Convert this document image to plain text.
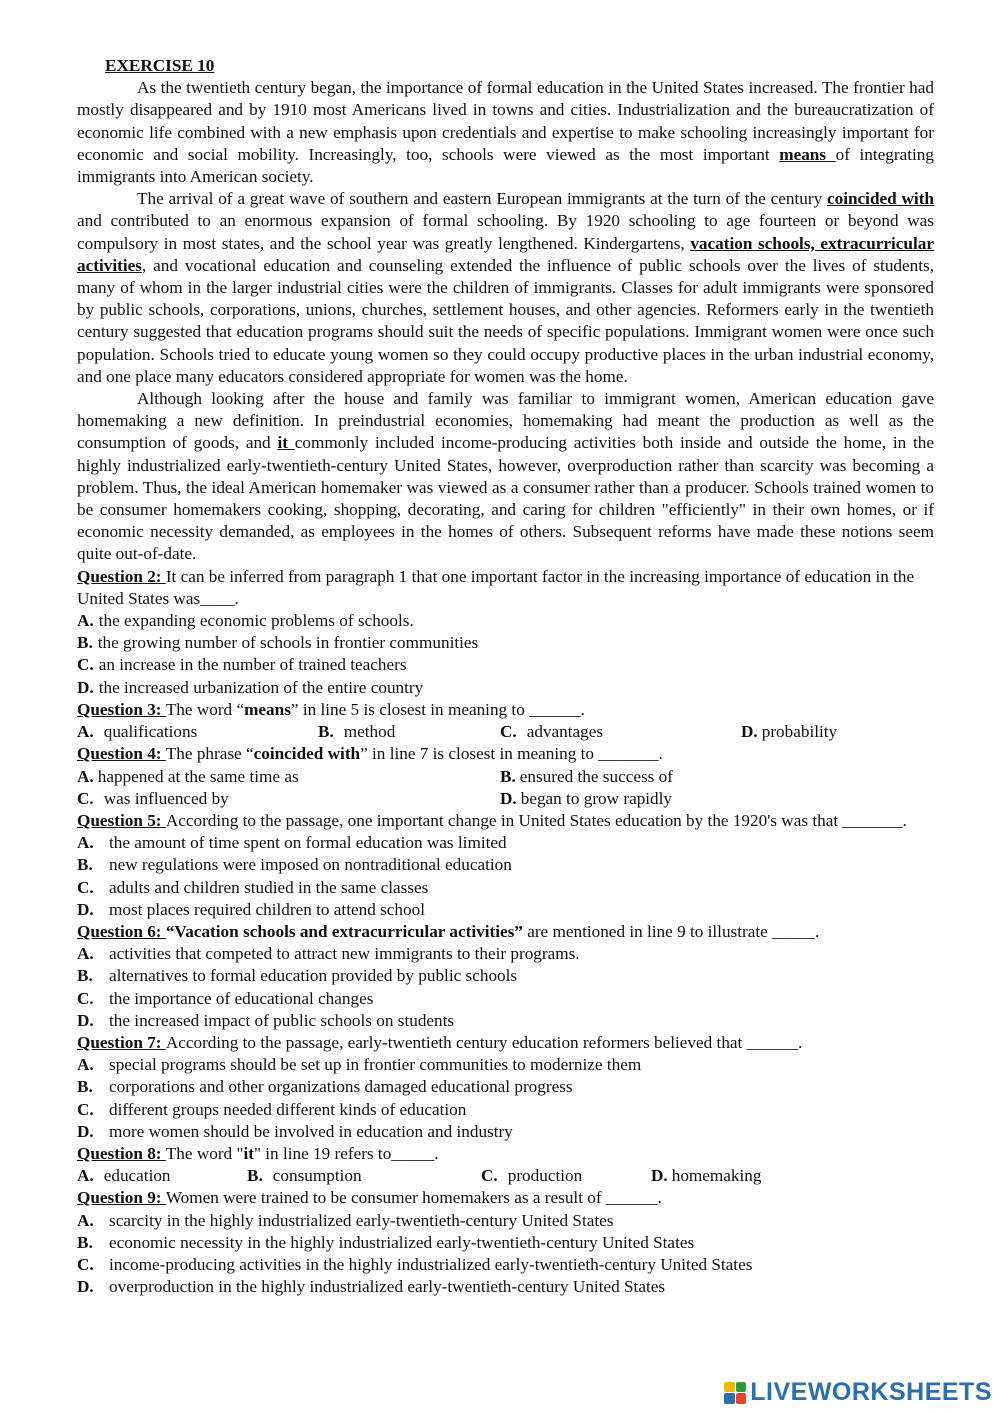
EXERCISE 10

As the twentieth century began, the importance of formal education in the United States increased. The frontier had mostly disappeared and by 1910 most Americans lived in towns and cities. Industrialization and the bureaucratization of economic life combined with a new emphasis upon credentials and expertise to make schooling increasingly important for economic and social mobility. Increasingly, too, schools were viewed as the most important means of integrating immigrants into American society.

The arrival of a great wave of southern and eastern European immigrants at the turn of the century coincided with and contributed to an enormous expansion of formal schooling. By 1920 schooling to age fourteen or beyond was compulsory in most states, and the school year was greatly lengthened. Kindergartens, vacation schools, extracurricular activities, and vocational education and counseling extended the influence of public schools over the lives of students, many of whom in the larger industrial cities were the children of immigrants. Classes for adult immigrants were sponsored by public schools, corporations, unions, churches, settlement houses, and other agencies. Reformers early in the twentieth century suggested that education programs should suit the needs of specific populations. Immigrant women were once such population. Schools tried to educate young women so they could occupy productive places in the urban industrial economy, and one place many educators considered appropriate for women was the home.

Although looking after the house and family was familiar to immigrant women, American education gave homemaking a new definition. In preindustrial economies, homemaking had meant the production as well as the consumption of goods, and it commonly included income-producing activities both inside and outside the home, in the highly industrialized early-twentieth-century United States, however, overproduction rather than scarcity was becoming a problem. Thus, the ideal American homemaker was viewed as a consumer rather than a producer. Schools trained women to be consumer homemakers cooking, shopping, decorating, and caring for children "efficiently" in their own homes, or if economic necessity demanded, as employees in the homes of others. Subsequent reforms have made these notions seem quite out-of-date.

Question 2: It can be inferred from paragraph 1 that one important factor in the increasing importance of education in the United States was____.

A. the expanding economic problems of schools.

B. the growing number of schools in frontier communities

C. an increase in the number of trained teachers

D. the increased urbanization of the entire country

Question 3: The word “means” in line 5 is closest in meaning to ______.

A. qualifications	B. method	C. advantages	D. probability

Question 4: The phrase “coincided with” in line 7 is closest in meaning to _______.

A. happened at the same time as	B. ensured the success of
C. was influenced by	D. began to grow rapidly

Question 5: According to the passage, one important change in United States education by the 1920's was that _______.

A. the amount of time spent on formal education was limited

B. new regulations were imposed on nontraditional education

C. adults and children studied in the same classes

D. most places required children to attend school

Question 6: “Vacation schools and extracurricular activities” are mentioned in line 9 to illustrate _____.

A. activities that competed to attract new immigrants to their programs.

B. alternatives to formal education provided by public schools

C. the importance of educational changes

D. the increased impact of public schools on students

Question 7: According to the passage, early-twentieth century education reformers believed that ______.

A. special programs should be set up in frontier communities to modernize them

B. corporations and other organizations damaged educational progress

C. different groups needed different kinds of education

D. more women should be involved in education and industry

Question 8: The word "it" in line 19 refers to_____.

A. education	B. consumption	C. production	D. homemaking

Question 9: Women were trained to be consumer homemakers as a result of ______.

A. scarcity in the highly industrialized early-twentieth-century United States

B. economic necessity in the highly industrialized early-twentieth-century United States

C. income-producing activities in the highly industrialized early-twentieth-century United States

D. overproduction in the highly industrialized early-twentieth-century United States

LIVEWORKSHEETS
